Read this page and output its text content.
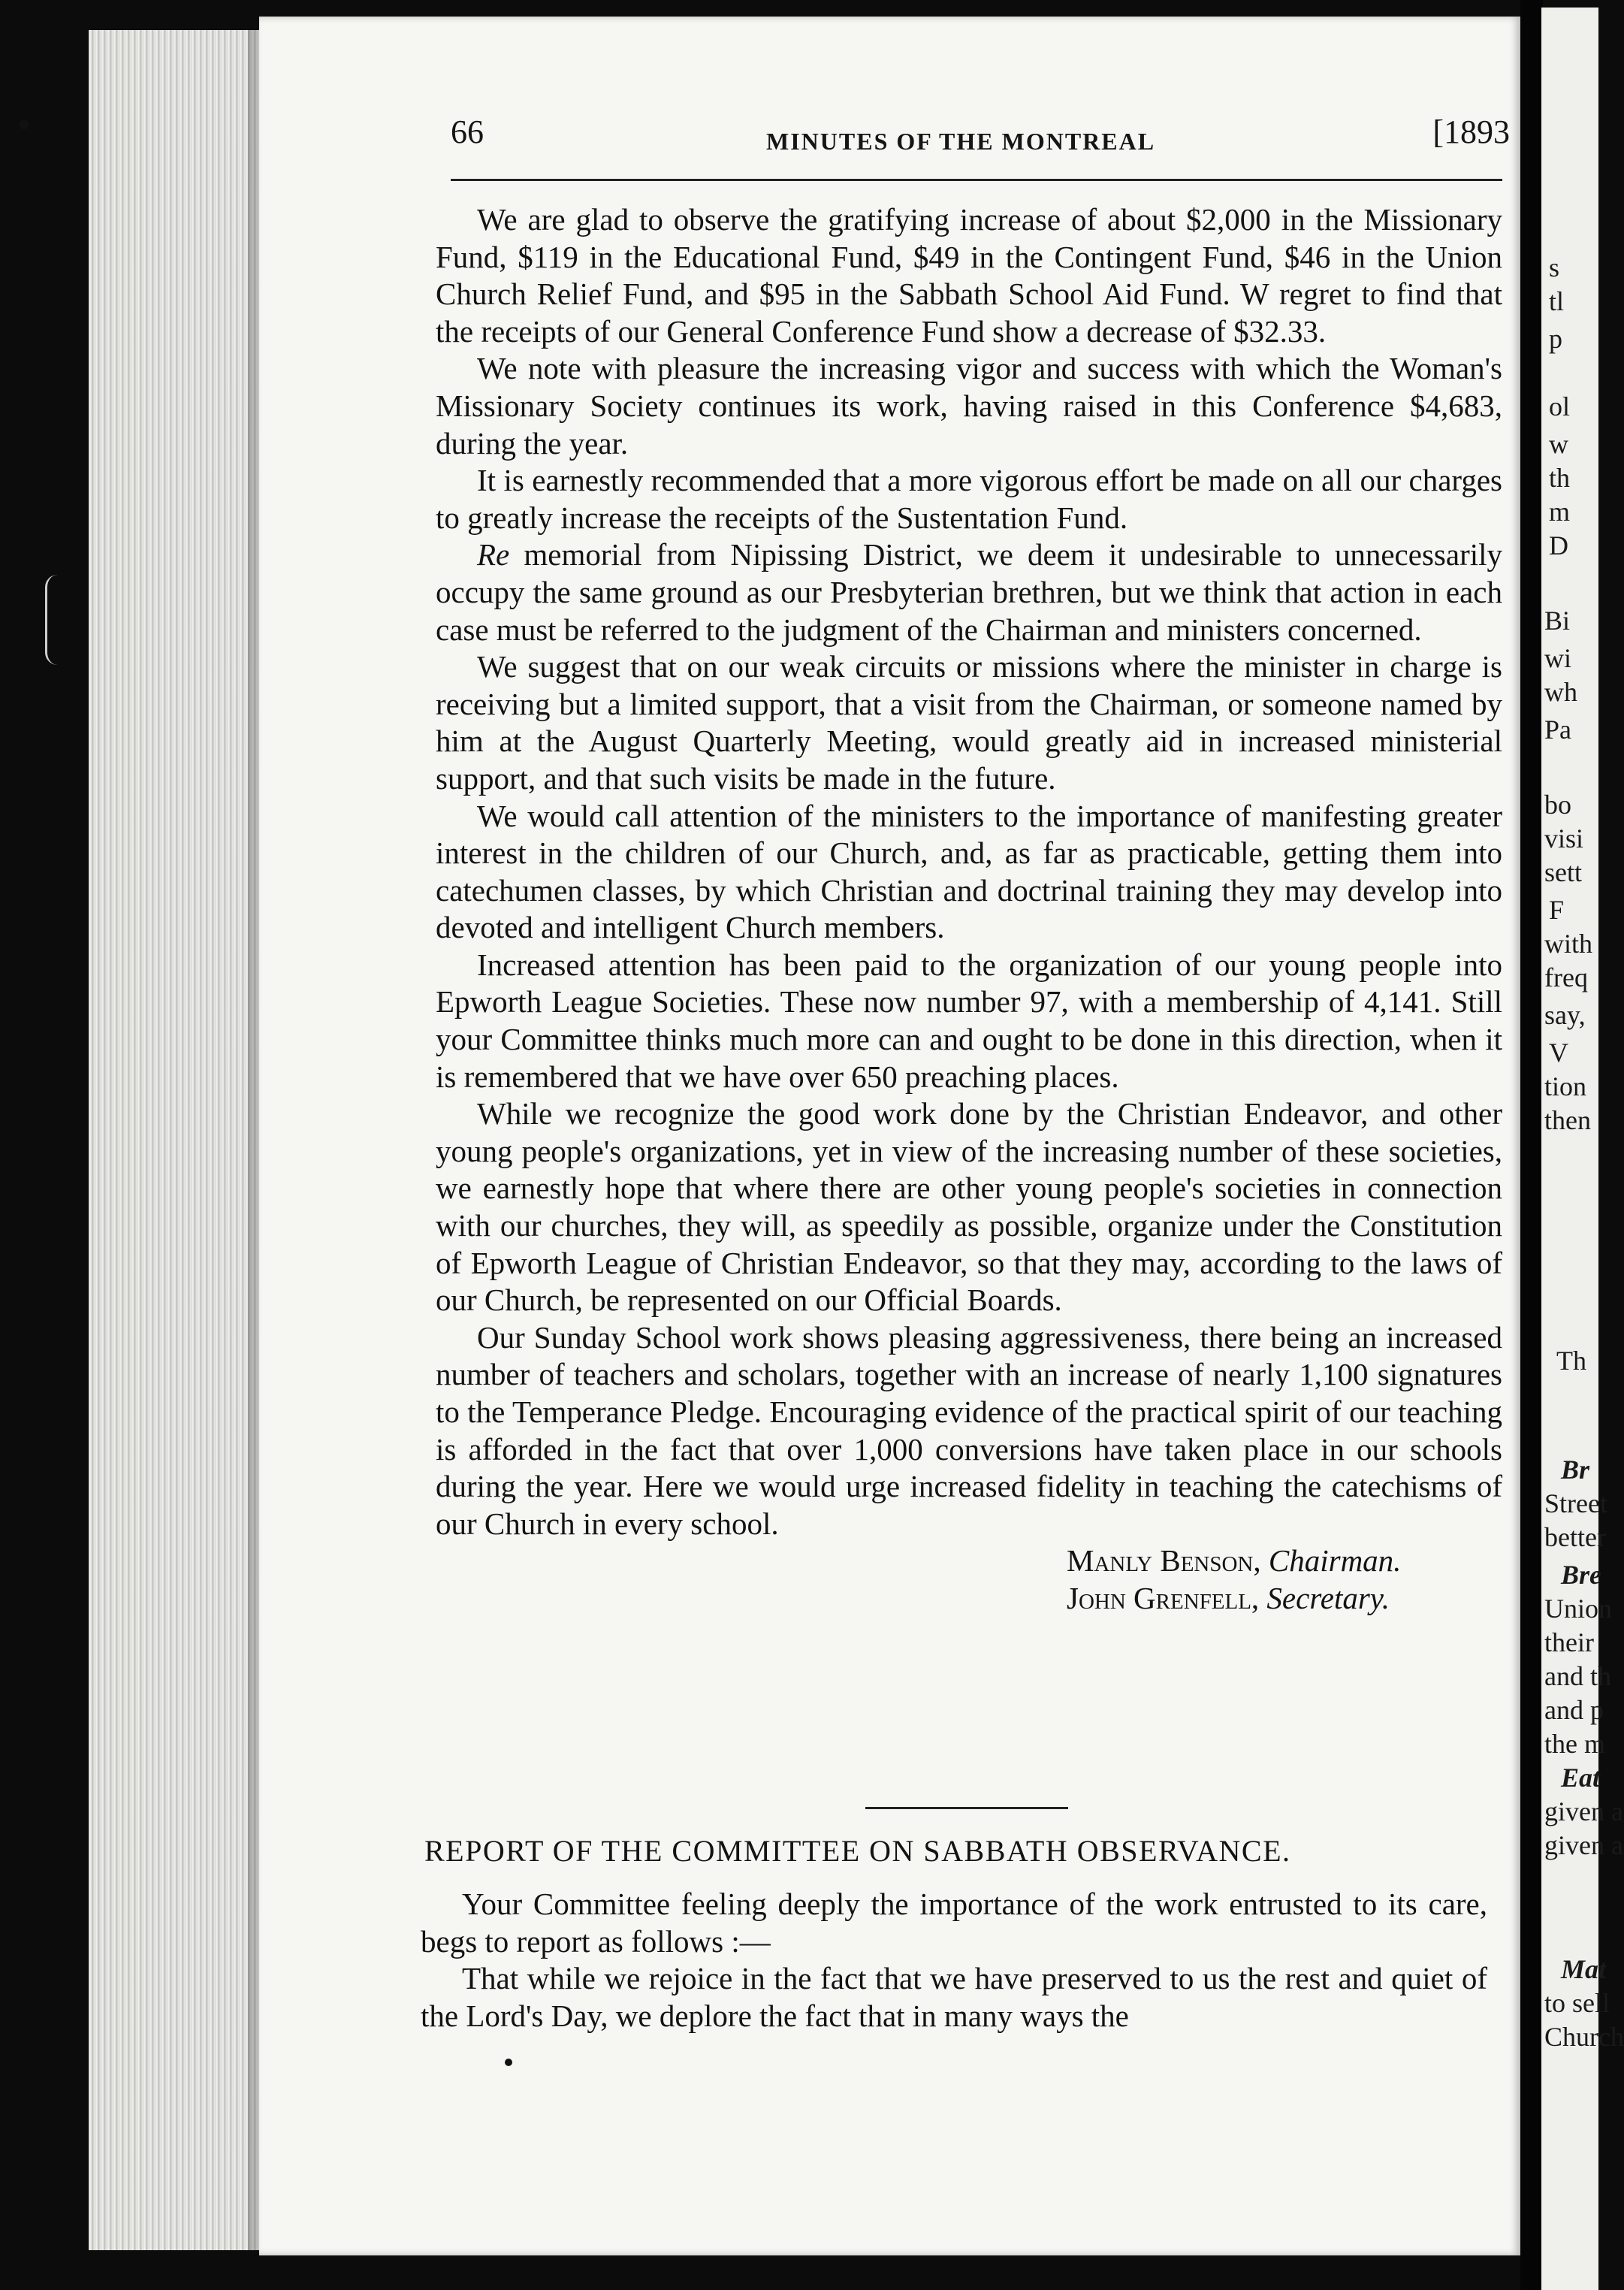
66	MINUTES OF THE MONTREAL	[1893

We are glad to observe the gratifying increase of about $2,000 in the Missionary Fund, $119 in the Educational Fund, $49 in the Contingent Fund, $46 in the Union Church Relief Fund, and $95 in the Sabbath School Aid Fund. W regret to find that the receipts of our General Conference Fund show a decrease of $32.33.

We note with pleasure the increasing vigor and success with which the Woman's Missionary Society continues its work, having raised in this Conference $4,683, during the year.

It is earnestly recommended that a more vigorous effort be made on all our charges to greatly increase the receipts of the Sustentation Fund.

Re memorial from Nipissing District, we deem it undesirable to unnecessarily occupy the same ground as our Presbyterian brethren, but we think that action in each case must be referred to the judgment of the Chairman and ministers concerned.

We suggest that on our weak circuits or missions where the minister in charge is receiving but a limited support, that a visit from the Chairman, or someone named by him at the August Quarterly Meeting, would greatly aid in increased ministerial support, and that such visits be made in the future.

We would call attention of the ministers to the importance of manifesting greater interest in the children of our Church, and, as far as practicable, getting them into catechumen classes, by which Christian and doctrinal training they may develop into devoted and intelligent Church members.

Increased attention has been paid to the organization of our young people into Epworth League Societies. These now number 97, with a membership of 4,141. Still your Committee thinks much more can and ought to be done in this direction, when it is remembered that we have over 650 preaching places.

While we recognize the good work done by the Christian Endeavor, and other young people's organizations, yet in view of the increasing number of these societies, we earnestly hope that where there are other young people's societies in connection with our churches, they will, as speedily as possible, organize under the Constitution of Epworth League of Christian Endeavor, so that they may, according to the laws of our Church, be represented on our Official Boards.

Our Sunday School work shows pleasing aggressiveness, there being an increased number of teachers and scholars, together with an increase of nearly 1,100 signatures to the Temperance Pledge. Encouraging evidence of the practical spirit of our teaching is afforded in the fact that over 1,000 conversions have taken place in our schools during the year. Here we would urge increased fidelity in teaching the catechisms of our Church in every school.

Manly Benson, Chairman.
John Grenfell, Secretary.
REPORT OF THE COMMITTEE ON SABBATH OBSERVANCE.

Your Committee feeling deeply the importance of the work entrusted to its care, begs to report as follows :—

That while we rejoice in the fact that we have preserved to us the rest and quiet of the Lord's Day, we deplore the fact that in many ways the

s
tl
p
ol
w
th
m
D
Bi
wi
wh
Pa
bo
visi
sett
F
with
freq
say,
V
tion
then
Th
Br
Street
better
Bre
Union
their
and th
and p
the m
Eat
given a
given a
Mat
to sell
Church
